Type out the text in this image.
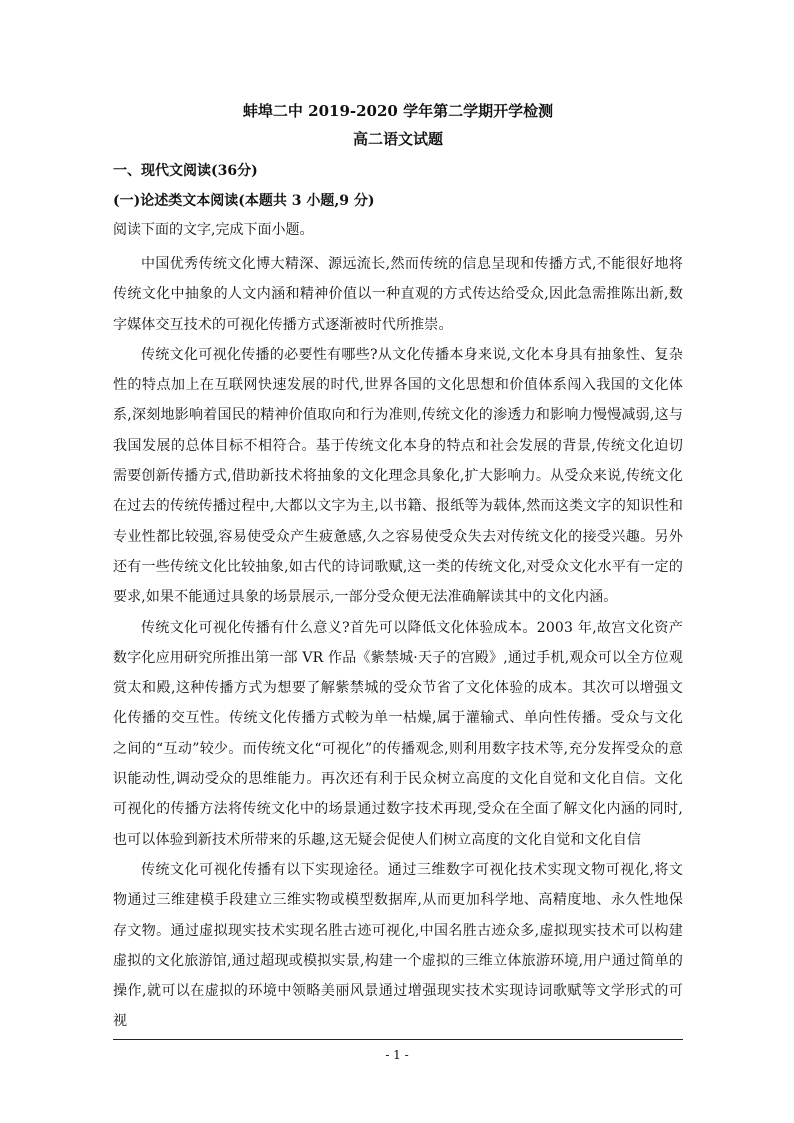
蚌埠二中 2019-2020 学年第二学期开学检测

高二语文试题

一、现代文阅读(36分)

(一)论述类文本阅读(本题共 3 小题,9 分)

阅读下面的文字,完成下面小题。

中国优秀传统文化博大精深、源远流长,然而传统的信息呈现和传播方式,不能很好地将传统文化中抽象的人文内涵和精神价值以一种直观的方式传达给受众,因此急需推陈出新,数字媒体交互技术的可视化传播方式逐渐被时代所推崇。

传统文化可视化传播的必要性有哪些?从文化传播本身来说,文化本身具有抽象性、复杂性的特点加上在互联网快速发展的时代,世界各国的文化思想和价值体系闯入我国的文化体系,深刻地影响着国民的精神价值取向和行为准则,传统文化的渗透力和影响力慢慢减弱,这与我国发展的总体目标不相符合。基于传统文化本身的特点和社会发展的背景,传统文化迫切需要创新传播方式,借助新技术将抽象的文化理念具象化,扩大影响力。从受众来说,传统文化在过去的传统传播过程中,大都以文字为主,以书籍、报纸等为载体,然而这类文字的知识性和专业性都比较强,容易使受众产生疲惫感,久之容易使受众失去对传统文化的接受兴趣。另外还有一些传统文化比较抽象,如古代的诗词歌赋,这一类的传统文化,对受众文化水平有一定的要求,如果不能通过具象的场景展示,一部分受众便无法准确解读其中的文化内涵。

传统文化可视化传播有什么意义?首先可以降低文化体验成本。2003 年,故宫文化资产数字化应用研究所推出第一部 VR 作品《紫禁城·天子的宫殿》,通过手机,观众可以全方位观赏太和殿,这种传播方式为想要了解紫禁城的受众节省了文化体验的成本。其次可以增强文化传播的交互性。传统文化传播方式較为单一枯燥,属于灌输式、单向性传播。受众与文化之间的“互动”较少。而传统文化“可视化”的传播观念,则利用数字技术等,充分发挥受众的意识能动性,调动受众的思维能力。再次还有利于民众树立高度的文化自觉和文化自信。文化可视化的传播方法将传统文化中的场景通过数字技术再现,受众在全面了解文化内涵的同时,也可以体验到新技术所带来的乐趣,这无疑会促使人们树立高度的文化自觉和文化自信

传统文化可视化传播有以下实现途径。通过三维数字可视化技术实现文物可视化,将文物通过三维建模手段建立三维实物或模型数据库,从而更加科学地、高精度地、永久性地保存文物。通过虚拟现实技术实现名胜古迹可视化,中国名胜古迹众多,虚拟现实技术可以构建虚拟的文化旅游馆,通过超现或模拟实景,构建一个虚拟的三维立体旅游环境,用户通过简单的操作,就可以在虚拟的环境中领略美丽风景通过增强现实技术实现诗词歌赋等文学形式的可视

- 1 -
